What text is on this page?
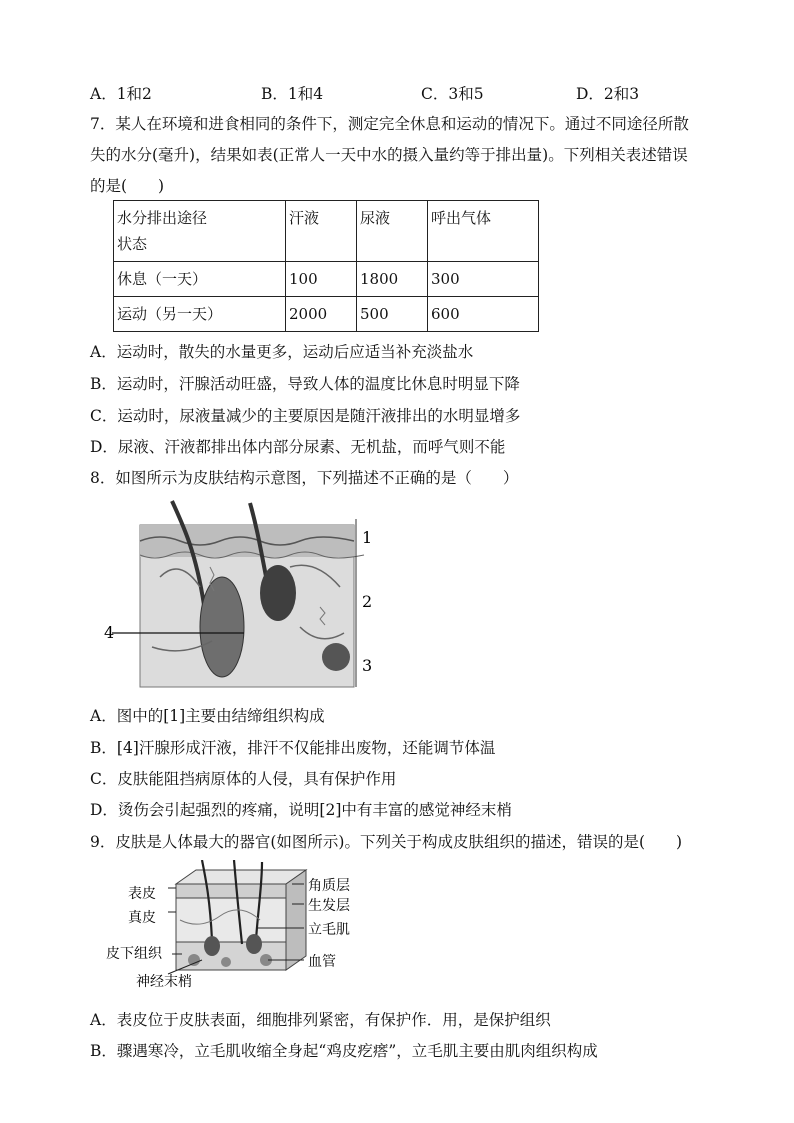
A．1和2	B．1和4	C．3和5	D．2和3
7．某人在环境和进食相同的条件下，测定完全休息和运动的情况下。通过不同途径所散
失的水分(毫升)，结果如表(正常人一天中水的摄入量约等于排出量)。下列相关表述错误
的是(　　)
水分排出途径
状态	汗液	尿液	呼出气体
休息（一天）	100	1800	300
运动（另一天）	2000	500	600
A．运动时，散失的水量更多，运动后应适当补充淡盐水
B．运动时，汗腺活动旺盛，导致人体的温度比休息时明显下降
C．运动时，尿液量减少的主要原因是随汗液排出的水明显增多
D．尿液、汗液都排出体内部分尿素、无机盐，而呼气则不能
8．如图所示为皮肤结构示意图，下列描述不正确的是（　　）
1
2
3
4
A．图中的[1]主要由结缔组织构成
B．[4]汗腺形成汗液，排汗不仅能排出废物，还能调节体温
C．皮肤能阻挡病原体的人侵，具有保护作用
D．烫伤会引起强烈的疼痛，说明[2]中有丰富的感觉神经末梢
9．皮肤是人体最大的器官(如图所示)。下列关于构成皮肤组织的描述，错误的是(　　)
表皮
真皮
皮下组织
神经末梢
角质层
生发层
立毛肌
血管
A．表皮位于皮肤表面，细胞排列紧密，有保护作．用，是保护组织
B．骤遇寒冷，立毛肌收缩全身起“鸡皮疙瘩”，立毛肌主要由肌肉组织构成
